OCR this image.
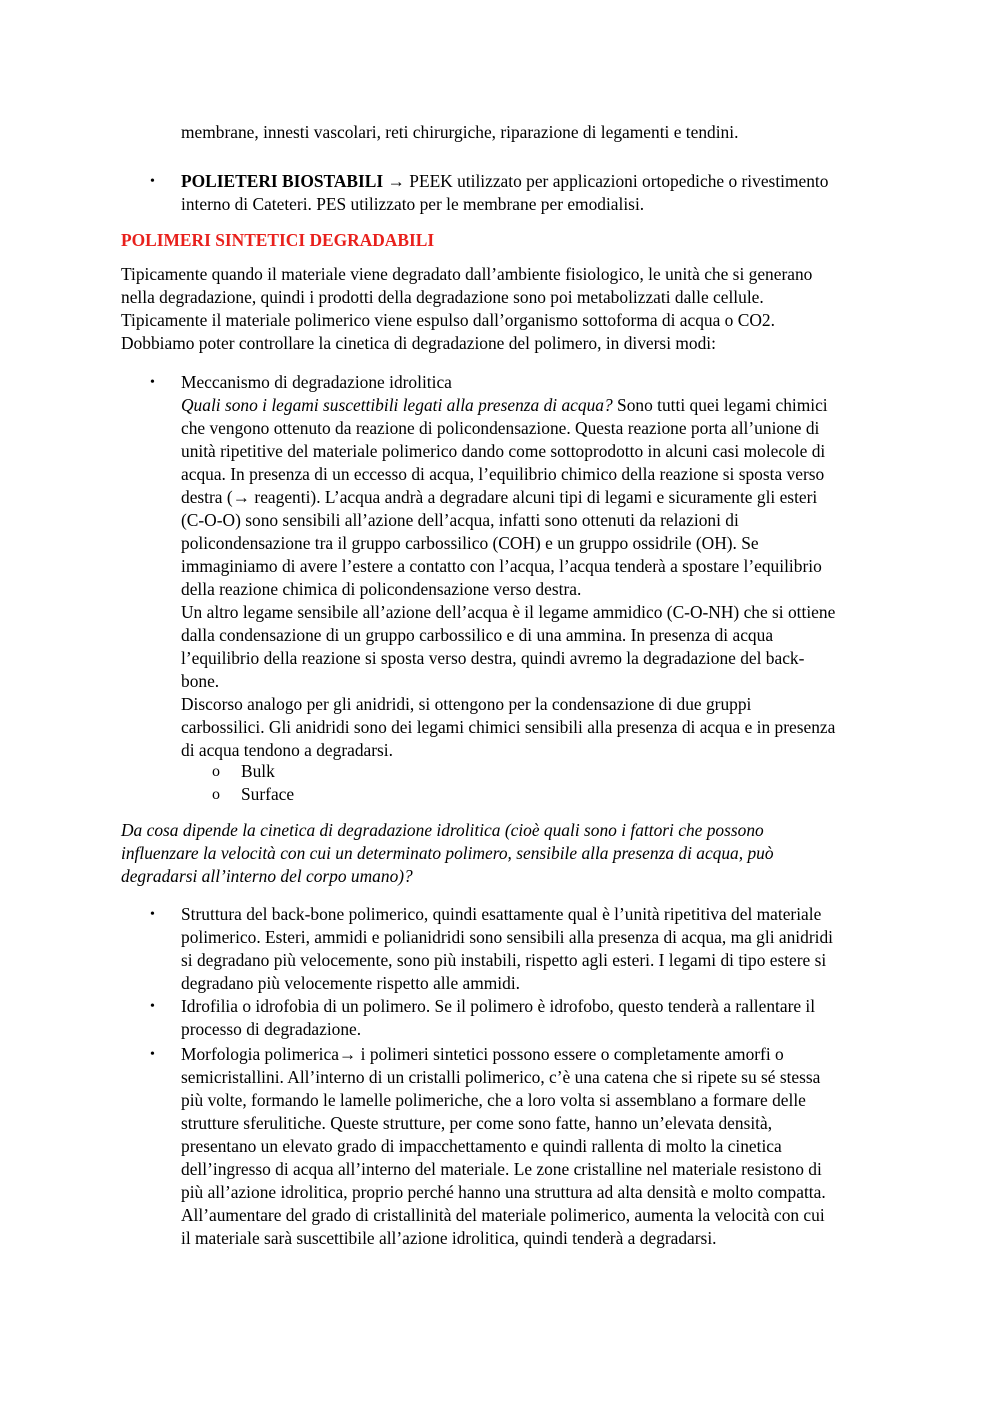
membrane, innesti vascolari, reti chirurgiche, riparazione di legamenti e tendini.
• POLIETERI BIOSTABILI → PEEK utilizzato per applicazioni ortopediche o rivestimento
interno di Cateteri. PES utilizzato per le membrane per emodialisi.
POLIMERI SINTETICI DEGRADABILI
Tipicamente quando il materiale viene degradato dall’ambiente fisiologico, le unità che si generano
nella degradazione, quindi i prodotti della degradazione sono poi metabolizzati dalle cellule.
Tipicamente il materiale polimerico viene espulso dall’organismo sottoforma di acqua o CO2.
Dobbiamo poter controllare la cinetica di degradazione del polimero, in diversi modi:
• Meccanismo di degradazione idrolitica
Quali sono i legami suscettibili legati alla presenza di acqua? Sono tutti quei legami chimici
che vengono ottenuto da reazione di policondensazione. Questa reazione porta all’unione di
unità ripetitive del materiale polimerico dando come sottoprodotto in alcuni casi molecole di
acqua. In presenza di un eccesso di acqua, l’equilibrio chimico della reazione si sposta verso
destra (→ reagenti). L’acqua andrà a degradare alcuni tipi di legami e sicuramente gli esteri
(C-O-O) sono sensibili all’azione dell’acqua, infatti sono ottenuti da relazioni di
policondensazione tra il gruppo carbossilico (COH) e un gruppo ossidrile (OH). Se
immaginiamo di avere l’estere a contatto con l’acqua, l’acqua tenderà a spostare l’equilibrio
della reazione chimica di policondensazione verso destra.
Un altro legame sensibile all’azione dell’acqua è il legame ammidico (C-O-NH) che si ottiene
dalla condensazione di un gruppo carbossilico e di una ammina. In presenza di acqua
l’equilibrio della reazione si sposta verso destra, quindi avremo la degradazione del back-
bone.
Discorso analogo per gli anidridi, si ottengono per la condensazione di due gruppi
carbossilici. Gli anidridi sono dei legami chimici sensibili alla presenza di acqua e in presenza
di acqua tendono a degradarsi.
o Bulk
o Surface
Da cosa dipende la cinetica di degradazione idrolitica (cioè quali sono i fattori che possono
influenzare la velocità con cui un determinato polimero, sensibile alla presenza di acqua, può
degradarsi all’interno del corpo umano)?
• Struttura del back-bone polimerico, quindi esattamente qual è l’unità ripetitiva del materiale
polimerico. Esteri, ammidi e polianidridi sono sensibili alla presenza di acqua, ma gli anidridi
si degradano più velocemente, sono più instabili, rispetto agli esteri. I legami di tipo estere si
degradano più velocemente rispetto alle ammidi.
• Idrofilia o idrofobia di un polimero. Se il polimero è idrofobo, questo tenderà a rallentare il
processo di degradazione.
• Morfologia polimerica→ i polimeri sintetici possono essere o completamente amorfi o
semicristallini. All’interno di un cristalli polimerico, c’è una catena che si ripete su sé stessa
più volte, formando le lamelle polimeriche, che a loro volta si assemblano a formare delle
strutture sferulitiche. Queste strutture, per come sono fatte, hanno un’elevata densità,
presentano un elevato grado di impacchettamento e quindi rallenta di molto la cinetica
dell’ingresso di acqua all’interno del materiale. Le zone cristalline nel materiale resistono di
più all’azione idrolitica, proprio perché hanno una struttura ad alta densità e molto compatta.
All’aumentare del grado di cristallinità del materiale polimerico, aumenta la velocità con cui
il materiale sarà suscettibile all’azione idrolitica, quindi tenderà a degradarsi.
